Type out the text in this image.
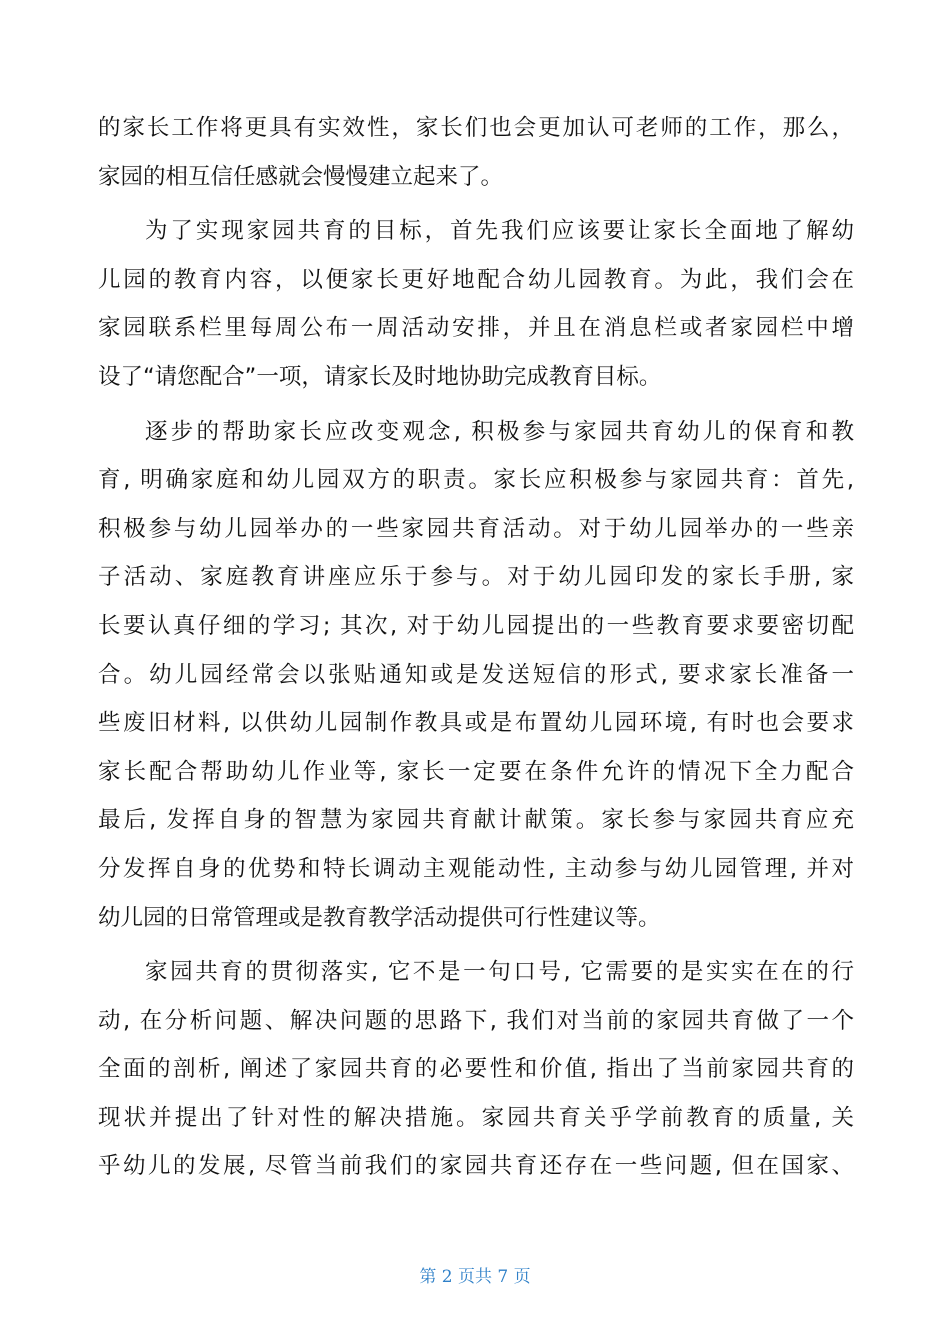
的家长工作将更具有实效性，家长们也会更加认可老师的工作，那么，
家园的相互信任感就会慢慢建立起来了。
为了实现家园共育的目标，首先我们应该要让家长全面地了解幼
儿园的教育内容，以便家长更好地配合幼儿园教育。为此，我们会在
家园联系栏里每周公布一周活动安排，并且在消息栏或者家园栏中增
设了“请您配合”一项，请家长及时地协助完成教育目标。
逐步的帮助家长应改变观念, 积极参与家园共育幼儿的保育和教
育, 明确家庭和幼儿园双方的职责。家长应积极参与家园共育：首先,
积极参与幼儿园举办的一些家园共育活动。对于幼儿园举办的一些亲
子活动、家庭教育讲座应乐于参与。对于幼儿园印发的家长手册, 家
长要认真仔细的学习; 其次, 对于幼儿园提出的一些教育要求要密切配
合。幼儿园经常会以张贴通知或是发送短信的形式, 要求家长准备一
些废旧材料, 以供幼儿园制作教具或是布置幼儿园环境, 有时也会要求
家长配合帮助幼儿作业等, 家长一定要在条件允许的情况下全力配合
最后, 发挥自身的智慧为家园共育献计献策。家长参与家园共育应充
分发挥自身的优势和特长调动主观能动性, 主动参与幼儿园管理, 并对
幼儿园的日常管理或是教育教学活动提供可行性建议等。
家园共育的贯彻落实, 它不是一句口号, 它需要的是实实在在的行
动, 在分析问题、解决问题的思路下, 我们对当前的家园共育做了一个
全面的剖析, 阐述了家园共育的必要性和价值, 指出了当前家园共育的
现状并提出了针对性的解决措施。家园共育关乎学前教育的质量, 关
乎幼儿的发展, 尽管当前我们的家园共育还存在一些问题, 但在国家、
第 2 页共 7 页
